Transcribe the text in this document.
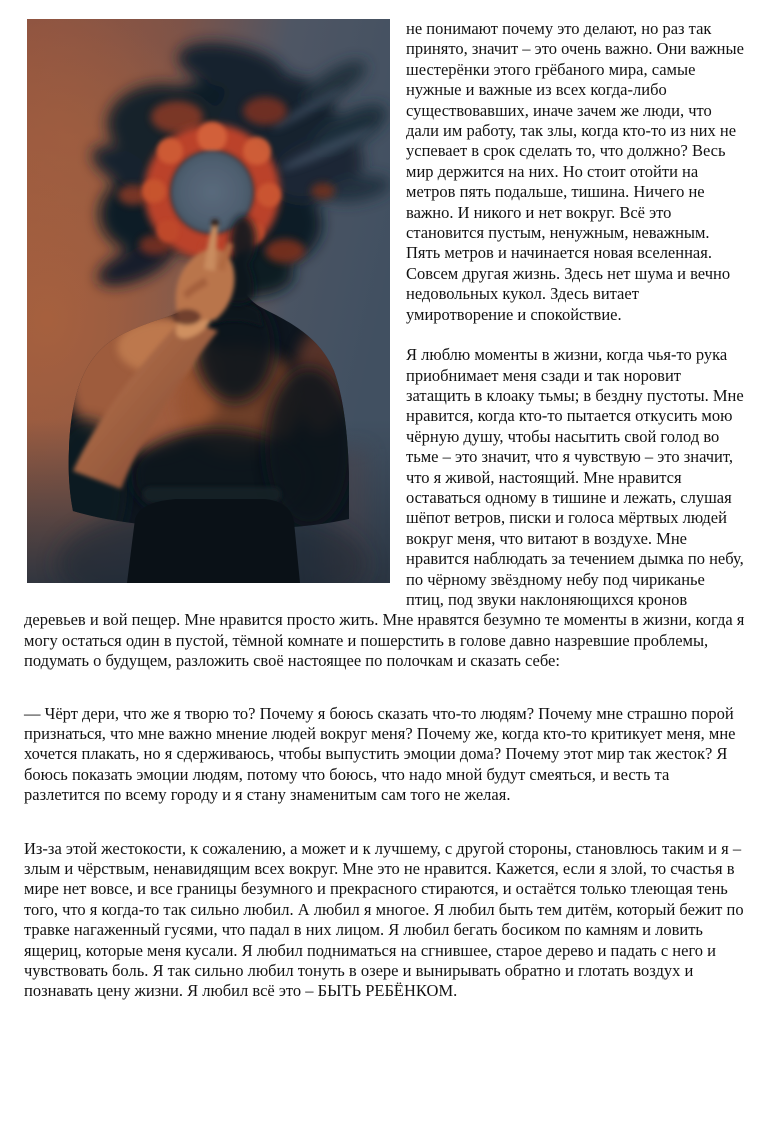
не понимают почему это делают, но раз так принято, значит – это очень важно. Они важные шестерёнки этого грёбаного мира, самые нужные и важные из всех когда-либо существовавших, иначе зачем же люди, что дали им работу, так злы, когда кто-то из них не успевает в срок сделать то, что должно? Весь мир держится на них. Но стоит отойти на метров пять подальше, тишина. Ничего не важно. И никого и нет вокруг. Всё это становится пустым, ненужным, неважным. Пять метров и начинается новая вселенная. Совсем другая жизнь. Здесь нет шума и вечно недовольных кукол. Здесь витает умиротворение и спокойствие.

Я люблю моменты в жизни, когда чья-то рука приобнимает меня сзади и так норовит затащить в клоаку тьмы; в бездну пустоты. Мне нравится, когда кто-то пытается откусить мою чёрную душу, чтобы насытить свой голод во тьме – это значит, что я чувствую – это значит, что я живой, настоящий. Мне нравится оставаться одному в тишине и лежать, слушая шёпот ветров, писки и голоса мёртвых людей вокруг меня, что витают в воздухе. Мне нравится наблюдать за течением дымка по небу, по чёрному звёздному небу под чириканье птиц, под звуки наклоняющихся кронов деревьев и вой пещер. Мне нравится просто жить. Мне нравятся безумно те моменты в жизни, когда я могу остаться один в пустой, тёмной комнате и пошерстить в голове давно назревшие проблемы, подумать о будущем, разложить своё настоящее по полочкам и сказать себе:

— Чёрт дери, что же я творю то? Почему я боюсь сказать что-то людям? Почему мне страшно порой признаться, что мне важно мнение людей вокруг меня? Почему же, когда кто-то критикует меня, мне хочется плакать, но я сдерживаюсь, чтобы выпустить эмоции дома? Почему этот мир так жесток? Я боюсь показать эмоции людям, потому что боюсь, что надо мной будут смеяться, и весть та разлетится по всему городу и я стану знаменитым сам того не желая.

Из-за этой жестокости, к сожалению, а может и к лучшему, с другой стороны, становлюсь таким и я – злым и чёрствым, ненавидящим всех вокруг. Мне это не нравится. Кажется, если я злой, то счастья в мире нет вовсе, и все границы безумного и прекрасного стираются, и остаётся только тлеющая тень того, что я когда-то так сильно любил. А любил я многое. Я любил быть тем дитём, который бежит по травке нагаженный гусями, что падал в них лицом. Я любил бегать босиком по камням и ловить ящериц, которые меня кусали. Я любил подниматься на сгнившее, старое дерево и падать с него и чувствовать боль. Я так сильно любил тонуть в озере и вынирывать обратно и глотать воздух и познавать цену жизни. Я любил всё это – БЫТЬ РЕБЁНКОМ.
